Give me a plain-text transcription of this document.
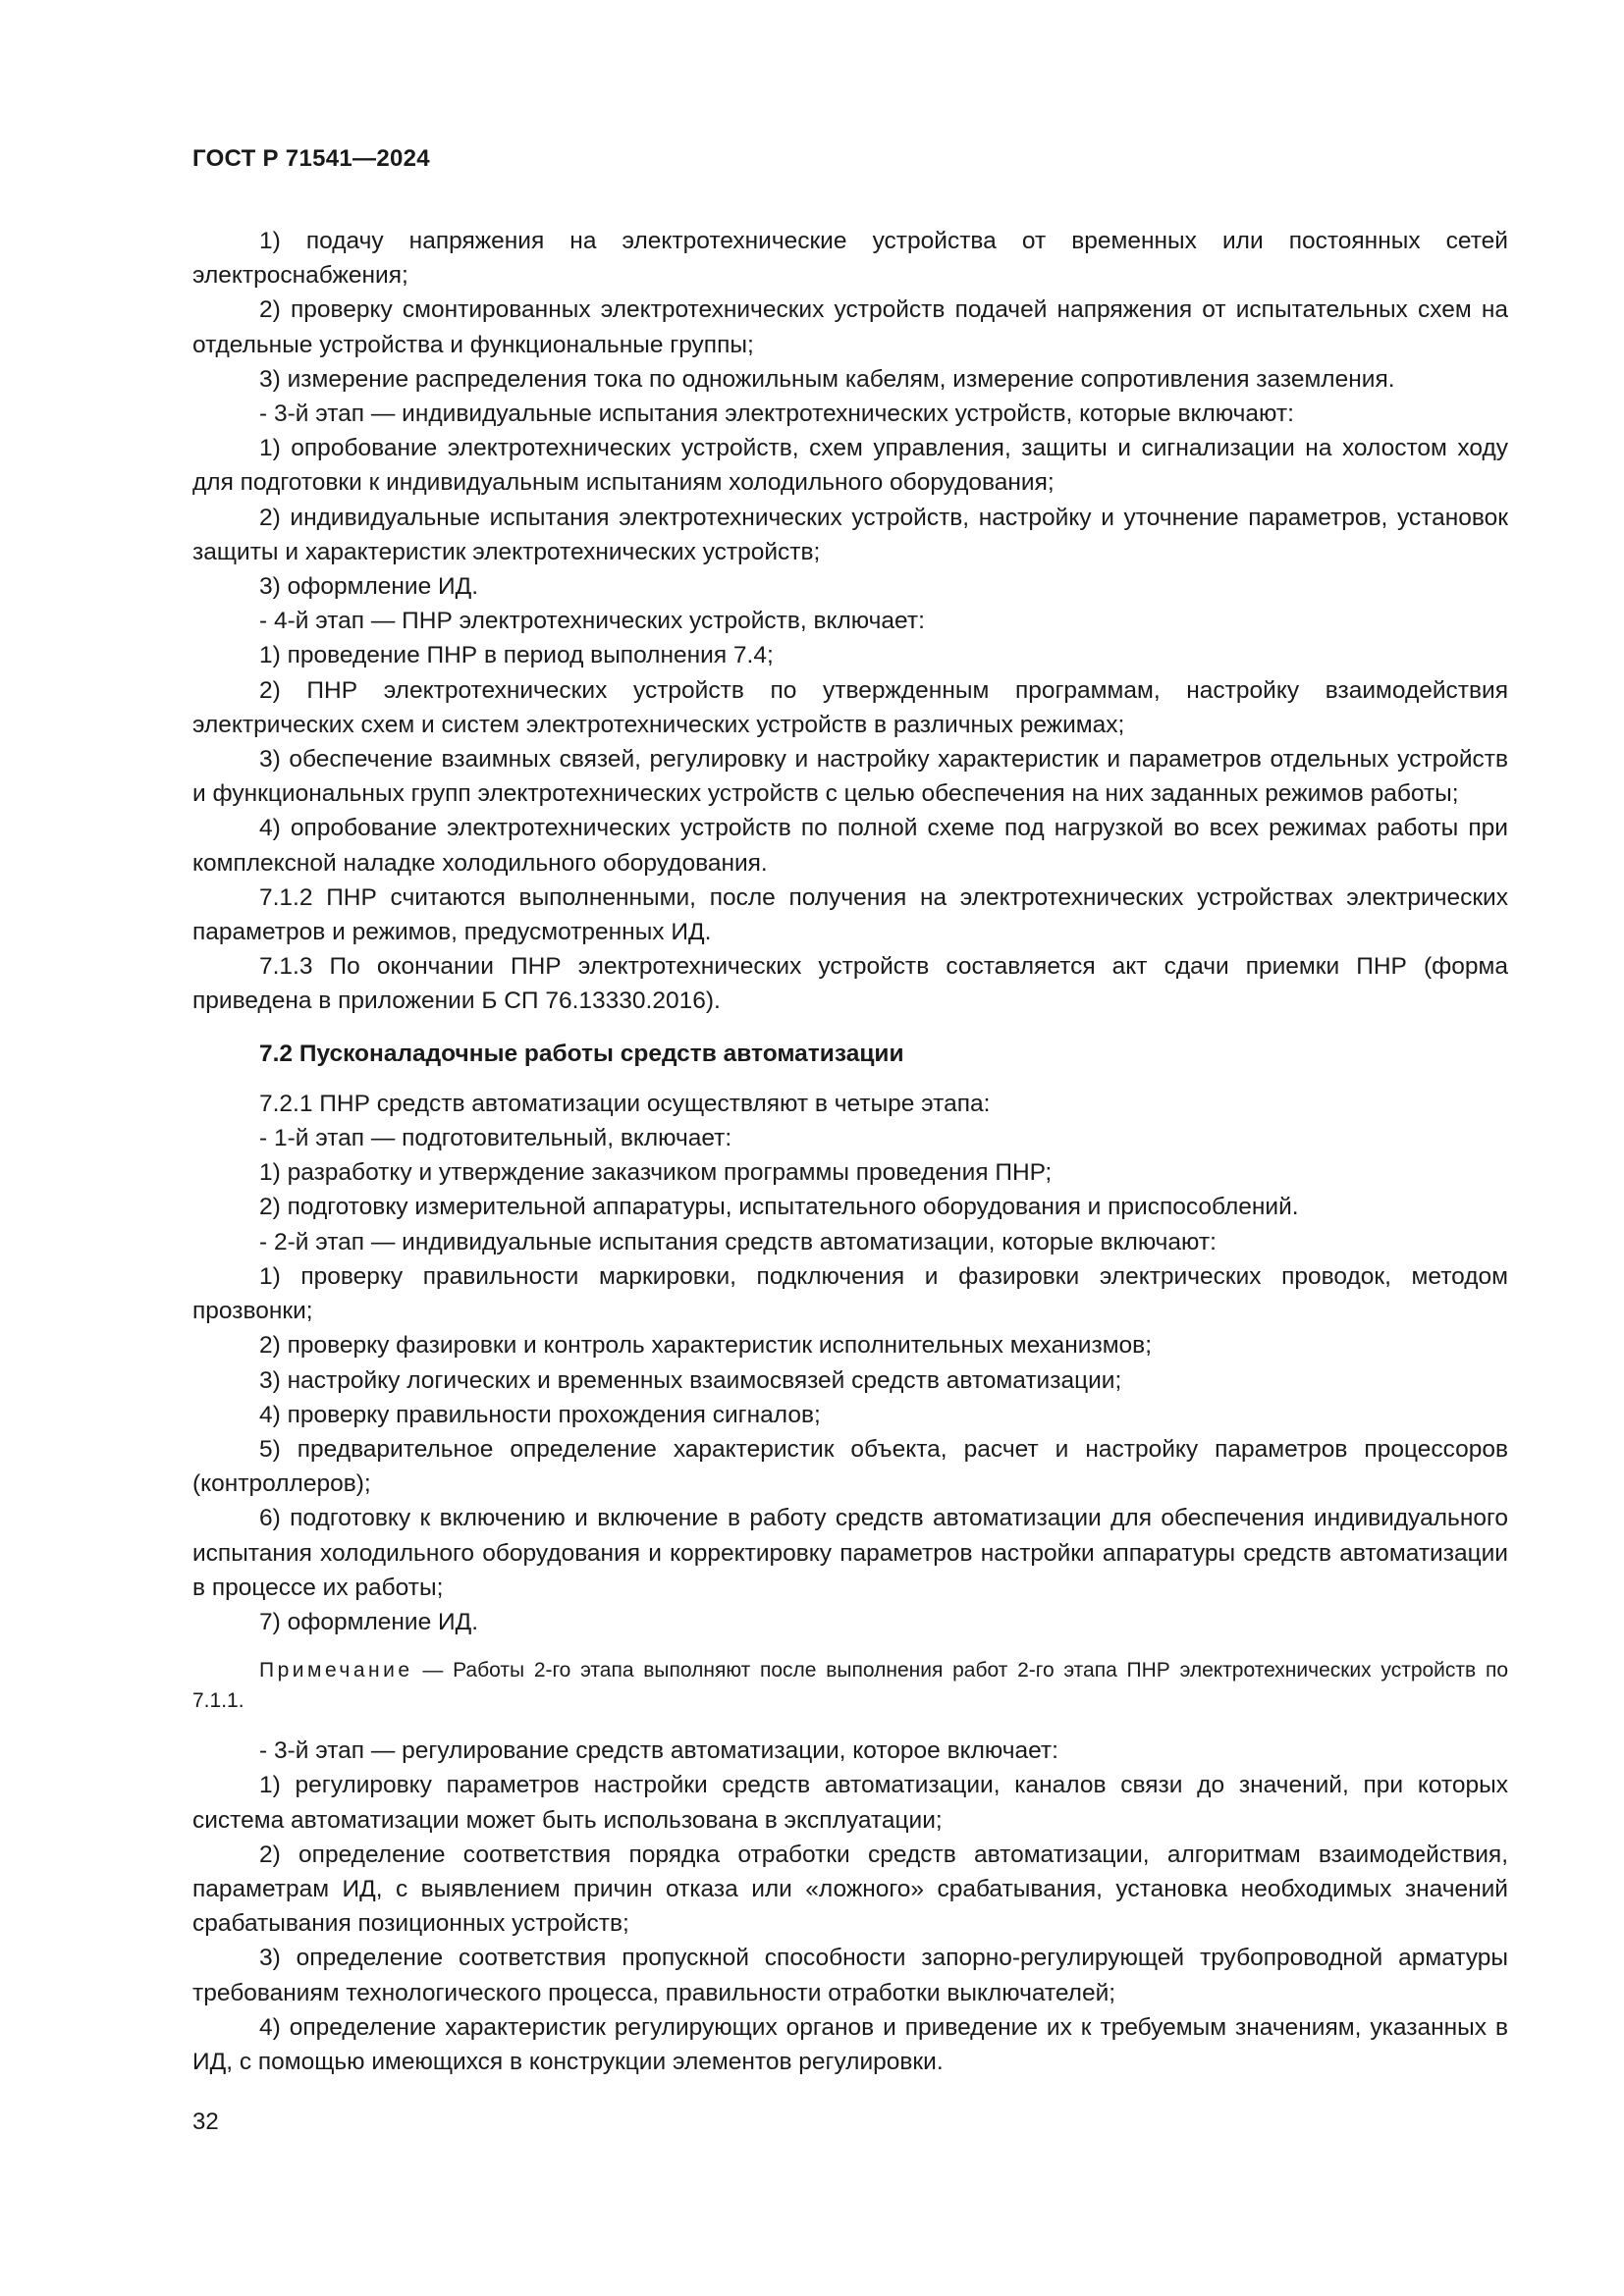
ГОСТ Р 71541—2024

1) подачу напряжения на электротехнические устройства от временных или постоянных сетей электроснабжения;

2) проверку смонтированных электротехнических устройств подачей напряжения от испытательных схем на отдельные устройства и функциональные группы;

3) измерение распределения тока по одножильным кабелям, измерение сопротивления заземления.

- 3-й этап — индивидуальные испытания электротехнических устройств, которые включают:

1) опробование электротехнических устройств, схем управления, защиты и сигнализации на холостом ходу для подготовки к индивидуальным испытаниям холодильного оборудования;

2) индивидуальные испытания электротехнических устройств, настройку и уточнение параметров, установок защиты и характеристик электротехнических устройств;

3) оформление ИД.

- 4-й этап — ПНР электротехнических устройств, включает:

1) проведение ПНР в период выполнения 7.4;

2) ПНР электротехнических устройств по утвержденным программам, настройку взаимодействия электрических схем и систем электротехнических устройств в различных режимах;

3) обеспечение взаимных связей, регулировку и настройку характеристик и параметров отдельных устройств и функциональных групп электротехнических устройств с целью обеспечения на них заданных режимов работы;

4) опробование электротехнических устройств по полной схеме под нагрузкой во всех режимах работы при комплексной наладке холодильного оборудования.

7.1.2 ПНР считаются выполненными, после получения на электротехнических устройствах электрических параметров и режимов, предусмотренных ИД.

7.1.3 По окончании ПНР электротехнических устройств составляется акт сдачи приемки ПНР (форма приведена в приложении Б СП 76.13330.2016).

7.2 Пусконаладочные работы средств автоматизации

7.2.1 ПНР средств автоматизации осуществляют в четыре этапа:

- 1-й этап — подготовительный, включает:

1) разработку и утверждение заказчиком программы проведения ПНР;

2) подготовку измерительной аппаратуры, испытательного оборудования и приспособлений.

- 2-й этап — индивидуальные испытания средств автоматизации, которые включают:

1) проверку правильности маркировки, подключения и фазировки электрических проводок, методом прозвонки;

2) проверку фазировки и контроль характеристик исполнительных механизмов;

3) настройку логических и временных взаимосвязей средств автоматизации;

4) проверку правильности прохождения сигналов;

5) предварительное определение характеристик объекта, расчет и настройку параметров процессоров (контроллеров);

6) подготовку к включению и включение в работу средств автоматизации для обеспечения индивидуального испытания холодильного оборудования и корректировку параметров настройки аппаратуры средств автоматизации в процессе их работы;

7) оформление ИД.

Примечание — Работы 2-го этапа выполняют после выполнения работ 2-го этапа ПНР электротехнических устройств по 7.1.1.

- 3-й этап — регулирование средств автоматизации, которое включает:

1) регулировку параметров настройки средств автоматизации, каналов связи до значений, при которых система автоматизации может быть использована в эксплуатации;

2) определение соответствия порядка отработки средств автоматизации, алгоритмам взаимодействия, параметрам ИД, с выявлением причин отказа или «ложного» срабатывания, установка необходимых значений срабатывания позиционных устройств;

3) определение соответствия пропускной способности запорно-регулирующей трубопроводной арматуры требованиям технологического процесса, правильности отработки выключателей;

4) определение характеристик регулирующих органов и приведение их к требуемым значениям, указанных в ИД, с помощью имеющихся в конструкции элементов регулировки.

32
